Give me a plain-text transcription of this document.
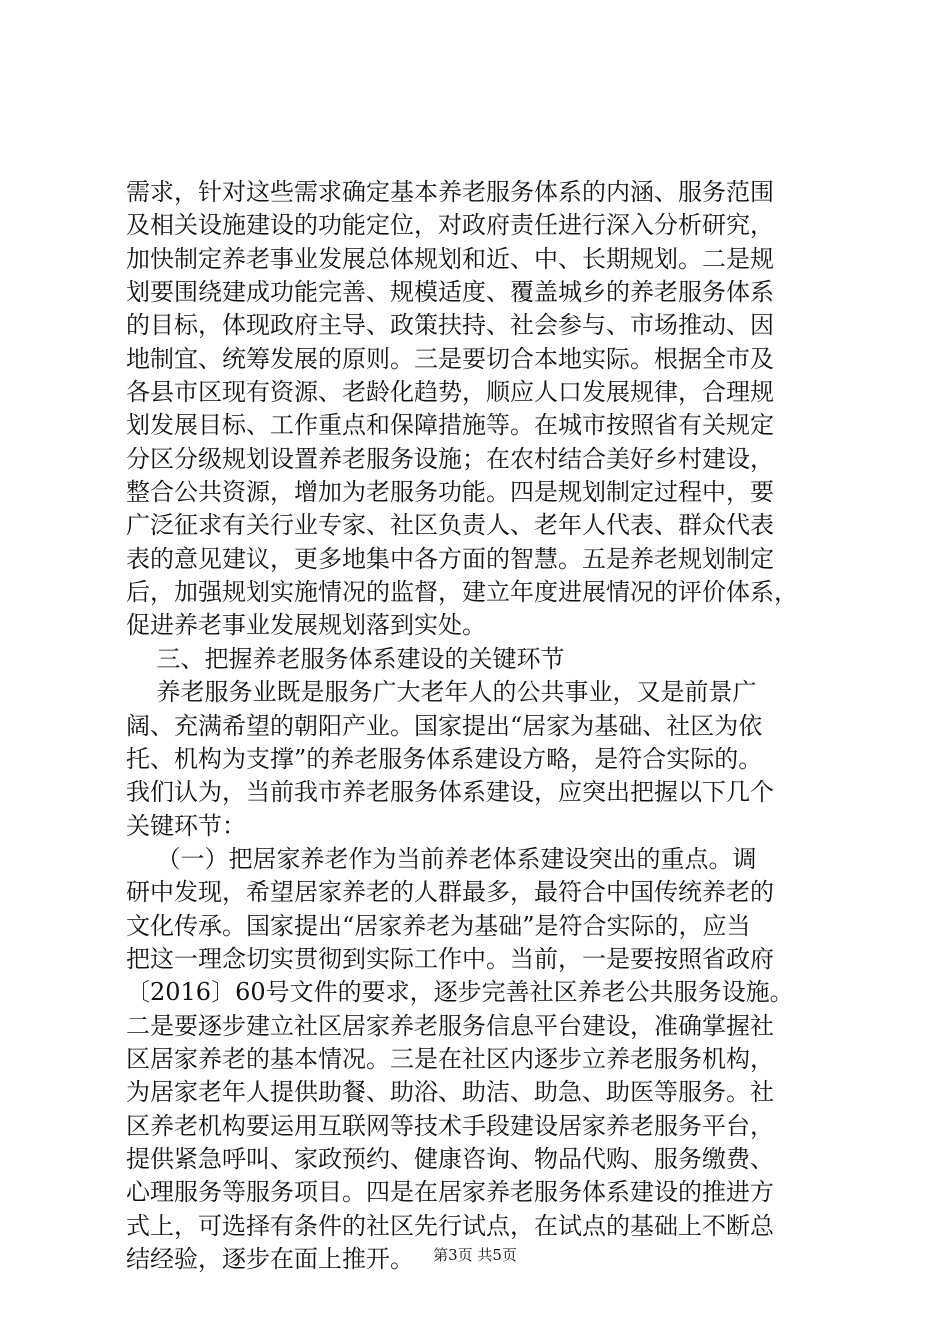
需求，针对这些需求确定基本养老服务体系的内涵、服务范围
及相关设施建设的功能定位，对政府责任进行深入分析研究，
加快制定养老事业发展总体规划和近、中、长期规划。二是规
划要围绕建成功能完善、规模适度、覆盖城乡的养老服务体系
的目标，体现政府主导、政策扶持、社会参与、市场推动、因
地制宜、统筹发展的原则。三是要切合本地实际。根据全市及
各县市区现有资源、老龄化趋势，顺应人口发展规律，合理规
划发展目标、工作重点和保障措施等。在城市按照省有关规定
分区分级规划设置养老服务设施；在农村结合美好乡村建设，
整合公共资源，增加为老服务功能。四是规划制定过程中，要
广泛征求有关行业专家、社区负责人、老年人代表、群众代表
表的意见建议，更多地集中各方面的智慧。五是养老规划制定
后，加强规划实施情况的监督，建立年度进展情况的评价体系，
促进养老事业发展规划落到实处。
三、把握养老服务体系建设的关键环节
养老服务业既是服务广大老年人的公共事业，又是前景广
阔、充满希望的朝阳产业。国家提出“居家为基础、社区为依
托、机构为支撑”的养老服务体系建设方略，是符合实际的。
我们认为，当前我市养老服务体系建设，应突出把握以下几个
关键环节：
（一）把居家养老作为当前养老体系建设突出的重点。调
研中发现，希望居家养老的人群最多，最符合中国传统养老的
文化传承。国家提出“居家养老为基础”是符合实际的，应当
把这一理念切实贯彻到实际工作中。当前，一是要按照省政府
〔2016〕60号文件的要求，逐步完善社区养老公共服务设施。
二是要逐步建立社区居家养老服务信息平台建设，准确掌握社
区居家养老的基本情况。三是在社区内逐步立养老服务机构，
为居家老年人提供助餐、助浴、助洁、助急、助医等服务。社
区养老机构要运用互联网等技术手段建设居家养老服务平台，
提供紧急呼叫、家政预约、健康咨询、物品代购、服务缴费、
心理服务等服务项目。四是在居家养老服务体系建设的推进方
式上，可选择有条件的社区先行试点，在试点的基础上不断总
结经验，逐步在面上推开。	第3页 共5页
